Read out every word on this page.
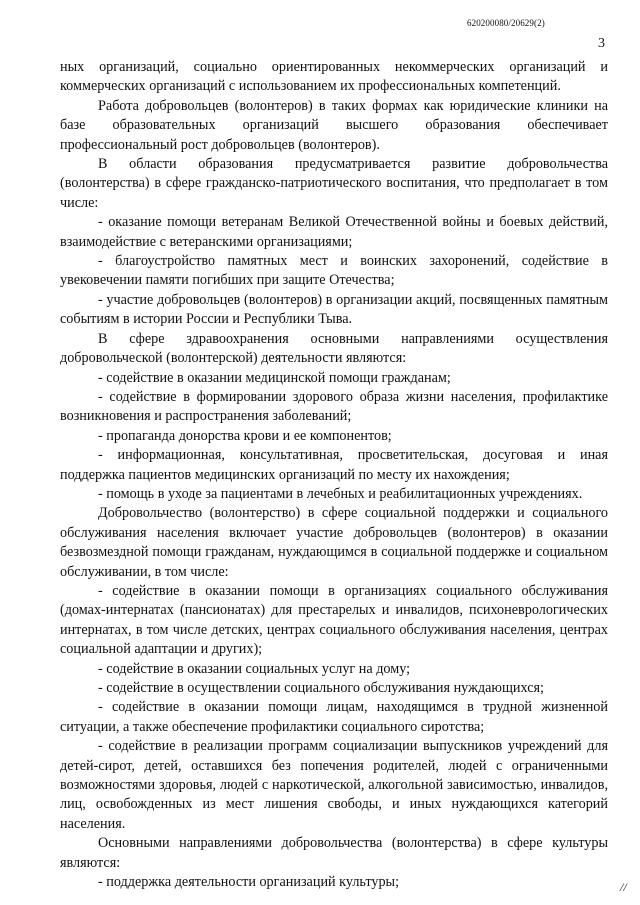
620200080/20629(2)
3

ных организаций, социально ориентированных некоммерческих организаций и коммерческих организаций с использованием их профессиональных компетенций.

Работа добровольцев (волонтеров) в таких формах как юридические клиники на базе образовательных организаций высшего образования обеспечивает профессиональный рост добровольцев (волонтеров).

В области образования предусматривается развитие добровольчества (волонтерства) в сфере гражданско-патриотического воспитания, что предполагает в том числе:

- оказание помощи ветеранам Великой Отечественной войны и боевых действий, взаимодействие с ветеранскими организациями;

- благоустройство памятных мест и воинских захоронений, содействие в увековечении памяти погибших при защите Отечества;

- участие добровольцев (волонтеров) в организации акций, посвященных памятным событиям в истории России и Республики Тыва.

В сфере здравоохранения основными направлениями осуществления добровольческой (волонтерской) деятельности являются:

- содействие в оказании медицинской помощи гражданам;

- содействие в формировании здорового образа жизни населения, профилактике возникновения и распространения заболеваний;

- пропаганда донорства крови и ее компонентов;

- информационная, консультативная, просветительская, досуговая и иная поддержка пациентов медицинских организаций по месту их нахождения;

- помощь в уходе за пациентами в лечебных и реабилитационных учреждениях.

Добровольчество (волонтерство) в сфере социальной поддержки и социального обслуживания населения включает участие добровольцев (волонтеров) в оказании безвозмездной помощи гражданам, нуждающимся в социальной поддержке и социальном обслуживании, в том числе:

- содействие в оказании помощи в организациях социального обслуживания (домах-интернатах (пансионатах) для престарелых и инвалидов, психоневрологических интернатах, в том числе детских, центрах социального обслуживания населения, центрах социальной адаптации и других);

- содействие в оказании социальных услуг на дому;

- содействие в осуществлении социального обслуживания нуждающихся;

- содействие в оказании помощи лицам, находящимся в трудной жизненной ситуации, а также обеспечение профилактики социального сиротства;

- содействие в реализации программ социализации выпускников учреждений для детей-сирот, детей, оставшихся без попечения родителей, людей с ограниченными возможностями здоровья, людей с наркотической, алкогольной зависимостью, инвалидов, лиц, освобожденных из мест лишения свободы, и иных нуждающихся категорий населения.

Основными направлениями добровольчества (волонтерства) в сфере культуры являются:

- поддержка деятельности организаций культуры;	//
